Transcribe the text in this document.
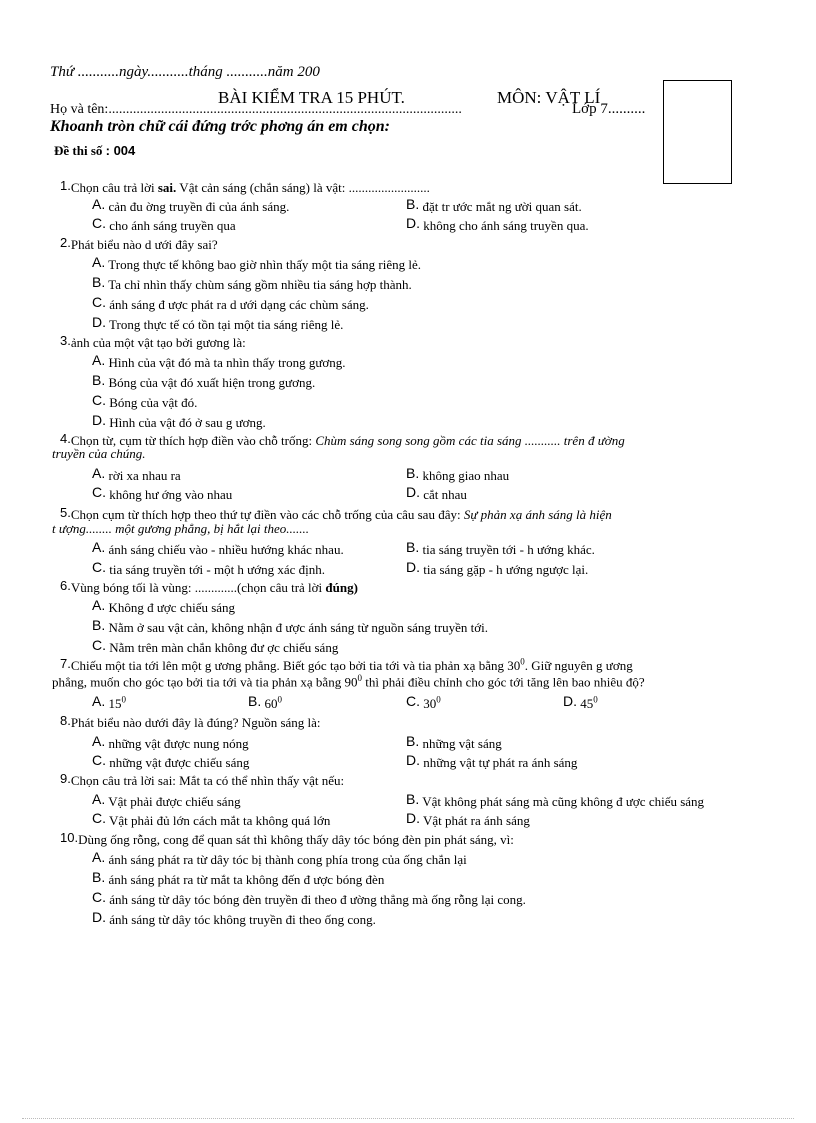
Thứ ...........ngày...........tháng ...........năm 200
BÀI KIỂM TRA 15 PHÚT.	MÔN: VẬT LÍ
Họ và tên:.....................................................................................................	Lớp 7..........
Khoanh tròn chữ cái đứng trớc phơng án em chọn:
Đề thi số : 004
1.Chọn câu trả lời sai. Vật cản sáng (chắn sáng) là vật: .........................
A. cản đu ờng truyền đi của ánh sáng.	B. đặt tr ước mắt ng ười quan sát.
C. cho ánh sáng truyền qua	D. không cho ánh sáng truyền qua.
2.Phát biểu nào d ưới đây sai?
A. Trong thực tế không bao giờ nhìn thấy một tia sáng riêng lẻ.
B. Ta chỉ nhìn thấy chùm sáng gồm nhiều tia sáng hợp thành.
C. ánh sáng đ ược phát ra d ưới dạng các chùm sáng.
D. Trong thực tế có tồn tại một tia sáng riêng lẻ.
3.ảnh của một vật tạo bởi gương là:
A. Hình của vật đó mà ta nhìn thấy trong gương.
B. Bóng của vật đó xuất hiện trong gương.
C. Bóng của vật đó.
D. Hình của vật đó ở sau g ương.
4.Chọn từ, cụm từ thích hợp điền vào chỗ trống: Chùm sáng song song gồm các tia sáng ........... trên đ ường
truyền của chúng.
A. rời xa nhau ra	B. không giao nhau
C. không hư ớng vào nhau	D. cắt nhau
5.Chọn cụm từ thích hợp theo thứ tự điền vào các chỗ trống của câu sau đây: Sự phản xạ ánh sáng là hiện
t ượng........ một gương phẳng, bị hắt lại theo.......
A. ánh sáng chiếu vào - nhiều hướng khác nhau.	B. tia sáng truyền tới - h ướng khác.
C. tia sáng truyền tới - một h ướng xác định.	D. tia sáng gặp - h ướng ngược lại.
6.Vùng bóng tối là vùng: .............(chọn câu trả lời đúng)
A. Không đ ược chiếu sáng
B. Nằm ở sau vật cản, không nhận đ ược ánh sáng từ nguồn sáng truyền tới.
C. Nằm trên màn chắn không đư ợc chiếu sáng
7.Chiếu một tia tới lên một g ương phẳng. Biết góc tạo bởi tia tới và tia phản xạ bằng $30^0$. Giữ nguyên g ương
phẳng, muốn cho góc tạo bởi tia tới và tia phản xạ bằng $90^0$ thì phải điều chỉnh cho góc tới tăng lên bao nhiêu độ?
A. $15^0$	B. $60^0$	C. $30^0$	D. $45^0$
8.Phát biểu nào dưới đây là đúng? Nguồn sáng là:
A. những vật được nung nóng	B. những vật sáng
C. những vật được chiếu sáng	D. những vật tự phát ra ánh sáng
9.Chọn câu trả lời sai: Mắt ta có thể nhìn thấy vật nếu:
A. Vật phải được chiếu sáng	B. Vật không phát sáng mà cũng không đ ược chiếu sáng
C. Vật phải đủ lớn cách mắt ta không quá lớn	D. Vật phát ra ánh sáng
10.Dùng ống rỗng, cong để quan sát thì không thấy dây tóc bóng đèn pin phát sáng, vì:
A. ánh sáng phát ra từ dây tóc bị thành cong phía trong của ống chắn lại
B. ánh sáng phát ra từ mắt ta không đến đ ược bóng đèn
C. ánh sáng từ dây tóc bóng đèn truyền đi theo đ ường thẳng mà ống rỗng lại cong.
D. ánh sáng từ dây tóc không truyền đi theo ống cong.
